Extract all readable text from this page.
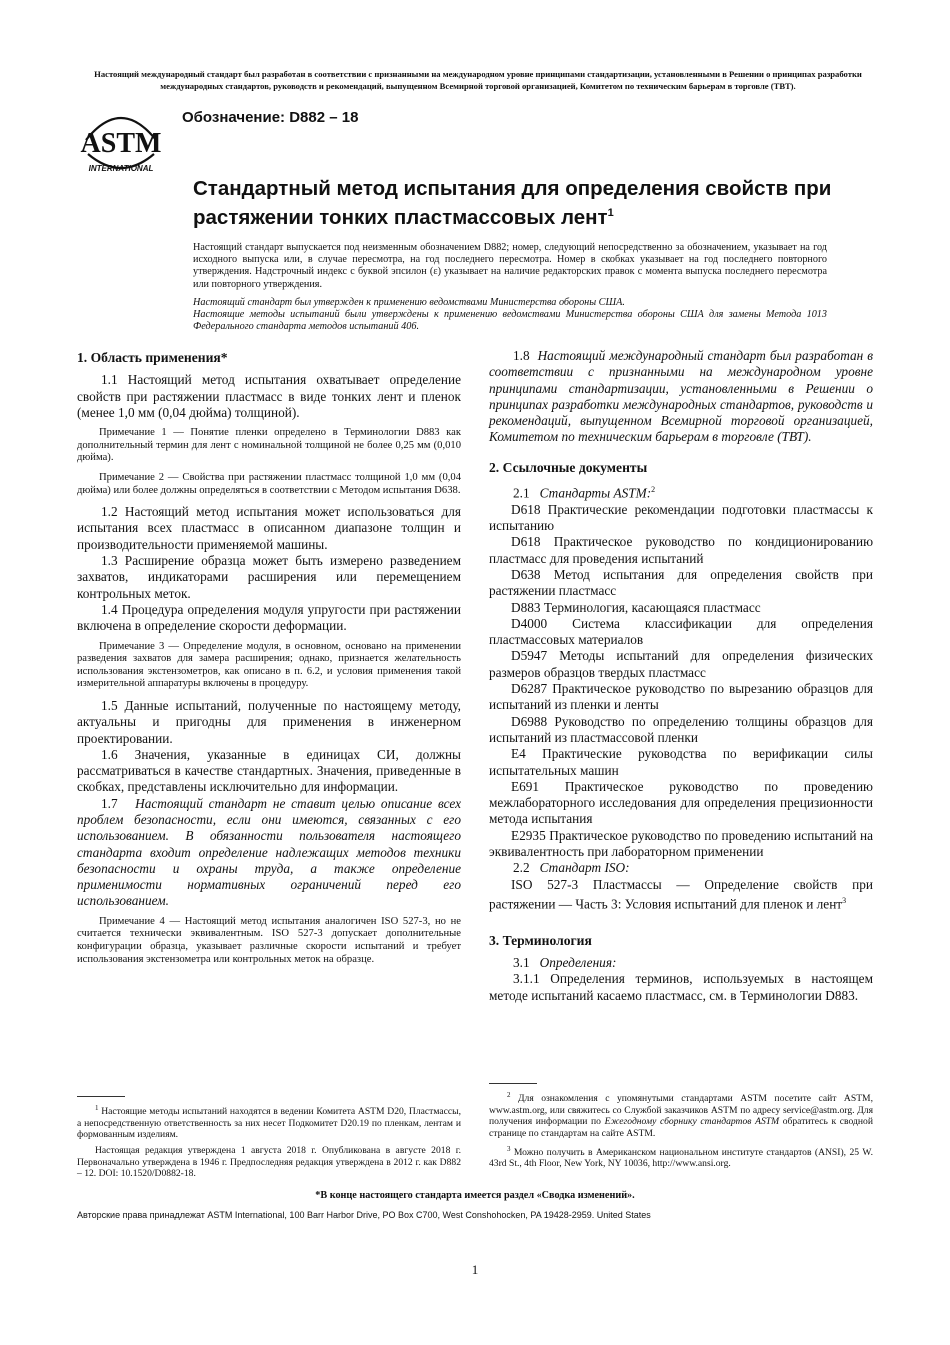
Настоящий международный стандарт был разработан в соответствии с признанными на международном уровне принципами стандартизации, установленными в Решении о принципах разработки международных стандартов, руководств и рекомендаций, выпущенном Всемирной торговой организацией, Комитетом по техническим барьерам в торговле (ТВТ).
ASTM
INTERNATIONAL
Обозначение: D882 – 18
Стандартный метод испытания для определения свойств при растяжении тонких пластмассовых лент$^1$

Настоящий стандарт выпускается под неизменным обозначением D882; номер, следующий непосредственно за обозначением, указывает на год исходного выпуска или, в случае пересмотра, на год последнего пересмотра. Номер в скобках указывает на год последнего повторного утверждения. Надстрочный индекс с буквой эпсилон (ε) указывает на наличие редакторских правок с момента выпуска последнего пересмотра или повторного утверждения.

Настоящий стандарт был утвержден к применению ведомствами Министерства обороны США.

Настоящие методы испытаний были утверждены к применению ведомствами Министерства обороны США для замены Метода 1013 Федерального стандарта методов испытаний 406.

1. Область применения*

1.1 Настоящий метод испытания охватывает определение свойств при растяжении пластмасс в виде тонких лент и пленок (менее 1,0 мм (0,04 дюйма) толщиной).

Примечание 1 — Понятие пленки определено в Терминологии D883 как дополнительный термин для лент с номинальной толщиной не более 0,25 мм (0,010 дюйма).

Примечание 2 — Свойства при растяжении пластмасс толщиной 1,0 мм (0,04 дюйма) или более должны определяться в соответствии с Методом испытания D638.

1.2 Настоящий метод испытания может использоваться для испытания всех пластмасс в описанном диапазоне толщин и производительности применяемой машины.

1.3 Расширение образца может быть измерено разведением захватов, индикаторами расширения или перемещением контрольных меток.

1.4 Процедура определения модуля упругости при растяжении включена в определение скорости деформации.

Примечание 3 — Определение модуля, в основном, основано на применении разведения захватов для замера расширения; однако, признается желательность использования экстензометров, как описано в п. 6.2, и условия применения такой измерительной аппаратуры включены в процедуру.

1.5 Данные испытаний, полученные по настоящему методу, актуальны и пригодны для применения в инженерном проектировании.

1.6 Значения, указанные в единицах СИ, должны рассматриваться в качестве стандартных. Значения, приведенные в скобках, представлены исключительно для информации.

1.7 Настоящий стандарт не ставит целью описание всех проблем безопасности, если они имеются, связанных с его использованием. В обязанности пользователя настоящего стандарта входит определение надлежащих методов техники безопасности и охраны труда, а также определение применимости нормативных ограничений перед его использованием.

Примечание 4 — Настоящий метод испытания аналогичен ISO 527-3, но не считается технически эквивалентным. ISO 527-3 допускает дополнительные конфигурации образца, указывает различные скорости испытаний и требует использования экстензометра или контрольных меток на образце.

1.8 Настоящий международный стандарт был разработан в соответствии с признанными на международном уровне принципами стандартизации, установленными в Решении о принципах разработки международных стандартов, руководств и рекомендаций, выпущенном Всемирной торговой организацией, Комитетом по техническим барьерам в торговле (ТВТ).

2. Ссылочные документы

2.1 Стандарты ASTM:$^2$

D618 Практические рекомендации подготовки пластмассы к испытанию

D618 Практическое руководство по кондиционированию пластмасс для проведения испытаний

D638 Метод испытания для определения свойств при растяжении пластмасс

D883 Терминология, касающаяся пластмасс

D4000 Система классификации для определения пластмассовых материалов

D5947 Методы испытаний для определения физических размеров образцов твердых пластмасс

D6287 Практическое руководство по вырезанию образцов для испытаний из пленки и ленты

D6988 Руководство по определению толщины образцов для испытаний из пластмассовой пленки

E4 Практические руководства по верификации силы испытательных машин

E691 Практическое руководство по проведению межлабораторного исследования для определения прецизионности метода испытания

E2935 Практическое руководство по проведению испытаний на эквивалентность при лабораторном применении

2.2 Стандарт ISO:

ISO 527-3 Пластмассы — Определение свойств при растяжении — Часть 3: Условия испытаний для пленок и лент$^3$

3. Терминология

3.1 Определения:

3.1.1 Определения терминов, используемых в настоящем методе испытаний касаемо пластмасс, см. в Терминологии D883.

$^1$ Настоящие методы испытаний находятся в ведении Комитета ASTM D20, Пластмассы, а непосредственную ответственность за них несет Подкомитет D20.19 по пленкам, лентам и формованным изделиям.

Настоящая редакция утверждена 1 августа 2018 г. Опубликована в августе 2018 г. Первоначально утверждена в 1946 г. Предпоследняя редакция утверждена в 2012 г. как D882 – 12. DOI: 10.1520/D0882-18.

$^2$ Для ознакомления с упомянутыми стандартами ASTM посетите сайт ASTM, www.astm.org, или свяжитесь со Службой заказчиков ASTM по адресу service@astm.org. Для получения информации по Ежегодному сборнику стандартов ASTM обратитесь к сводной странице по стандартам на сайте ASTM.

$^3$ Можно получить в Американском национальном институте стандартов (ANSI), 25 W. 43rd St., 4th Floor, New York, NY 10036, http://www.ansi.org.

*В конце настоящего стандарта имеется раздел «Сводка изменений».
Авторские права принадлежат ASTM International, 100 Barr Harbor Drive, PO Box C700, West Conshohocken, PA 19428-2959. United States
1
